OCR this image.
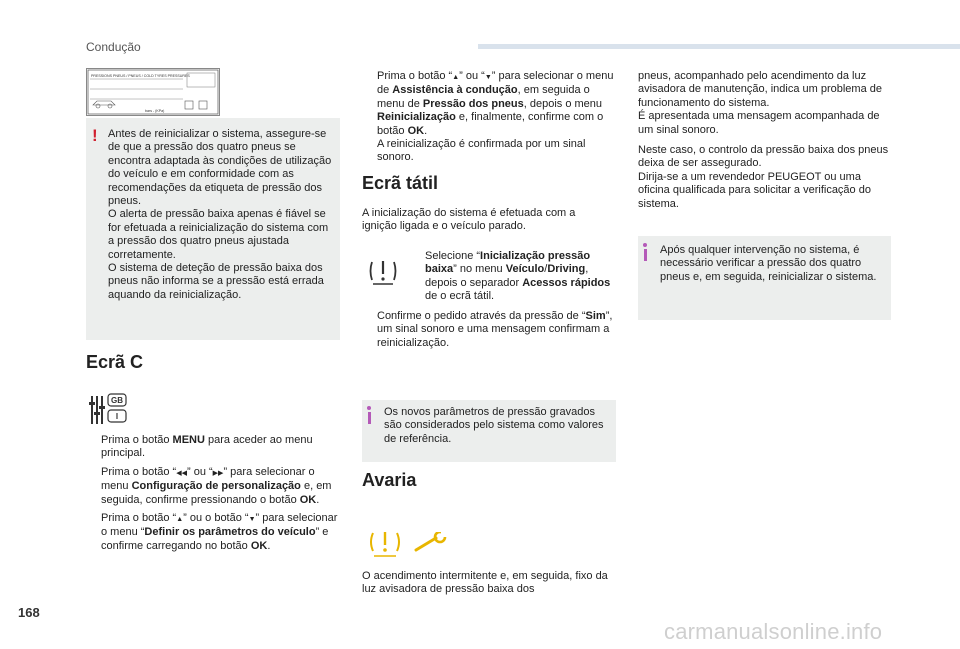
Condução
PRESSIONS PNEUS / PNEUS / COLD TYRES PRESSURES
bars - (KPa)
! Antes de reinicializar o sistema, assegure-se de que a pressão dos quatro pneus se encontra adaptada às condições de utilização do veículo e em conformidade com as recomendações da etiqueta de pressão dos pneus.
O alerta de pressão baixa apenas é fiável se for efetuada a reinicialização do sistema com a pressão dos quatro pneus ajustada corretamente.
O sistema de deteção de pressão baixa dos pneus não informa se a pressão está errada aquando da reinicialização.
Ecrã C
GB
I
Prima o botão MENU para aceder ao menu principal.
Prima o botão “◀◀” ou “▶▶” para selecionar o menu Configuração de personalização e, em seguida, confirme pressionando o botão OK.
Prima o botão “▲” ou o botão “▼” para selecionar o menu “Definir os parâmetros do veículo” e confirme carregando no botão OK.
Prima o botão “▲” ou “▼” para selecionar o menu de Assistência à condução, em seguida o menu de Pressão dos pneus, depois o menu Reinicialização e, finalmente, confirme com o botão OK.
A reinicialização é confirmada por um sinal sonoro.
Ecrã tátil
A inicialização do sistema é efetuada com a ignição ligada e o veículo parado.
Selecione “Inicialização pressão baixa” no menu Veículo/Driving, depois o separador Acessos rápidos de o ecrã tátil.
Confirme o pedido através da pressão de “Sim”, um sinal sonoro e uma mensagem confirmam a reinicialização.
Os novos parâmetros de pressão gravados são considerados pelo sistema como valores de referência.
Avaria
O acendimento intermitente e, em seguida, fixo da luz avisadora de pressão baixa dos

pneus, acompanhado pelo acendimento da luz avisadora de manutenção, indica um problema de funcionamento do sistema.
É apresentada uma mensagem acompanhada de um sinal sonoro.

Neste caso, o controlo da pressão baixa dos pneus deixa de ser assegurado.
Dirija-se a um revendedor PEUGEOT ou uma oficina qualificada para solicitar a verificação do sistema.

Após qualquer intervenção no sistema, é necessário verificar a pressão dos quatro pneus e, em seguida, reinicializar o sistema.
168
carmanualsonline.info
